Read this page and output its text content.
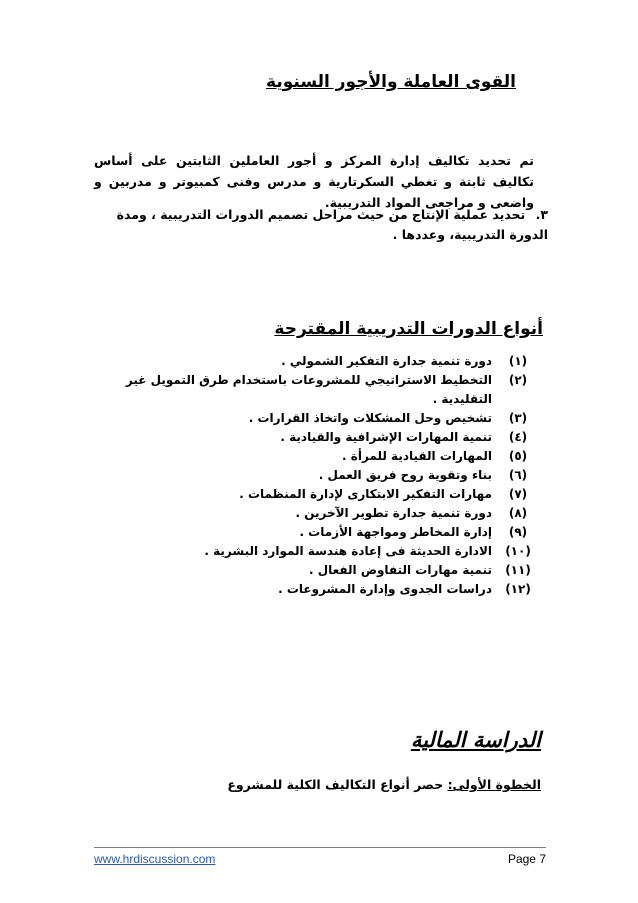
القوى العاملة والأجور السنوية
تم تحديد تكاليف إدارة المركز و أجور العاملين الثابتين على أساس تكاليف ثابتة و تغطي السكرتارية و مدرس وفنى كمبيوتر و مدربين و واضعى و مراجعى المواد التدريبية.
٣. تحديد عملية الإنتاج من حيث مراحل تصميم الدورات التدريبية ، ومدة الدورة التدريبية، وعددها .
أنواع الدورات التدريبية المقترحة
(١)
دورة تنمية جدارة التفكير الشمولي .
(٢)
التخطيط الاستراتيجي للمشروعات باستخدام طرق التمويل غير التقليدية .
(٣)
تشخيص وحل المشكلات واتخاذ القرارات .
(٤)
تنمية المهارات الإشرافية والقيادية .
(٥)
المهارات القيادية للمرأة .
(٦)
بناء وتقوية روح فريق العمل .
(٧)
مهارات التفكير الابتكارى لإدارة المنظمات .
(٨)
دورة تنمية جدارة تطوير الآخرين .
(٩)
إدارة المخاطر ومواجهة الأزمات .
(١٠)
الادارة الحديثة فى إعادة هندسة الموارد البشرية .
(١١)
تنمية مهارات التفاوض الفعال .
(١٢)
دراسات الجدوى وإدارة المشروعات .
الدراسة المالية
الخطوة الأولى: حصر أنواع التكاليف الكلية للمشروع
www.hrdiscussion.com	Page 7
